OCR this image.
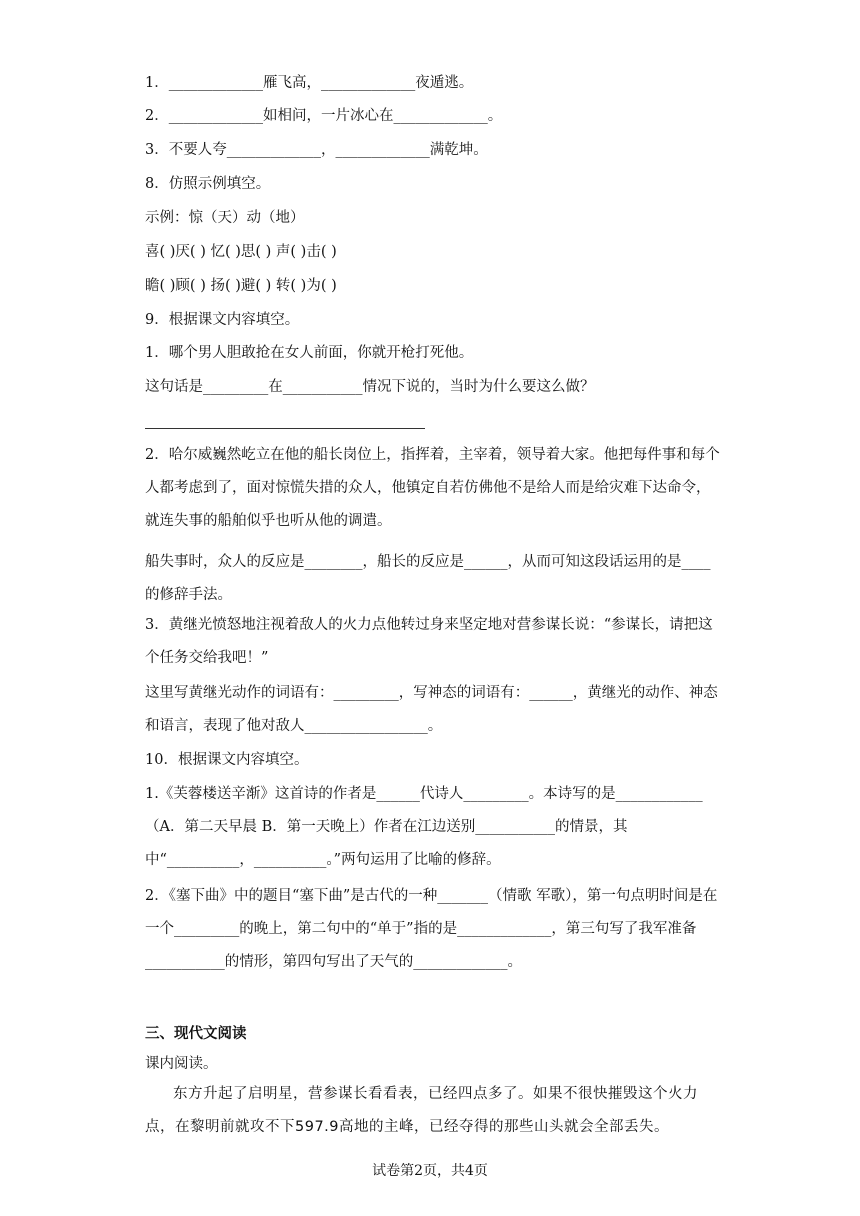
1．_____________雁飞高，_____________夜遁逃。
2．_____________如相问，一片冰心在_____________。
3．不要人夸_____________，_____________满乾坤。
8．仿照示例填空。
示例：惊（天）动（地）
喜( )厌( ) 忆( )思( ) 声( )击( )
瞻( )顾( ) 扬( )避( ) 转( )为( )
9．根据课文内容填空。
1．哪个男人胆敢抢在女人前面，你就开枪打死他。
这句话是_________在___________情况下说的，当时为什么要这么做？
2．哈尔威巍然屹立在他的船长岗位上，指挥着，主宰着，领导着大家。他把每件事和每个人都考虑到了，面对惊慌失措的众人，他镇定自若仿佛他不是给人而是给灾难下达命令，就连失事的船舶似乎也听从他的调遣。
船失事时，众人的反应是________，船长的反应是______，从而可知这段话运用的是____的修辞手法。
3．黄继光愤怒地注视着敌人的火力点他转过身来坚定地对营参谋长说：“参谋长，请把这个任务交给我吧！”
这里写黄继光动作的词语有：_________，写神态的词语有：______，黄继光的动作、神态和语言，表现了他对敌人_________________。
10．根据课文内容填空。
1.《芙蓉楼送辛渐》这首诗的作者是______代诗人_________。本诗写的是____________（A．第二天早晨 B．第一天晚上）作者在江边送别___________的情景，其中“__________，__________。”两句运用了比喻的修辞。
2．《塞下曲》中的题目“塞下曲”是古代的一种_______（情歌 军歌），第一句点明时间是在一个_________的晚上，第二句中的“单于”指的是_____________，第三句写了我军准备___________的情形，第四句写出了天气的_____________。
三、现代文阅读
课内阅读。
东方升起了启明星，营参谋长看看表，已经四点多了。如果不很快摧毁这个火力点，在黎明前就攻不下597.9高地的主峰，已经夺得的那些山头就会全部丢失。
试卷第2页，共4页
